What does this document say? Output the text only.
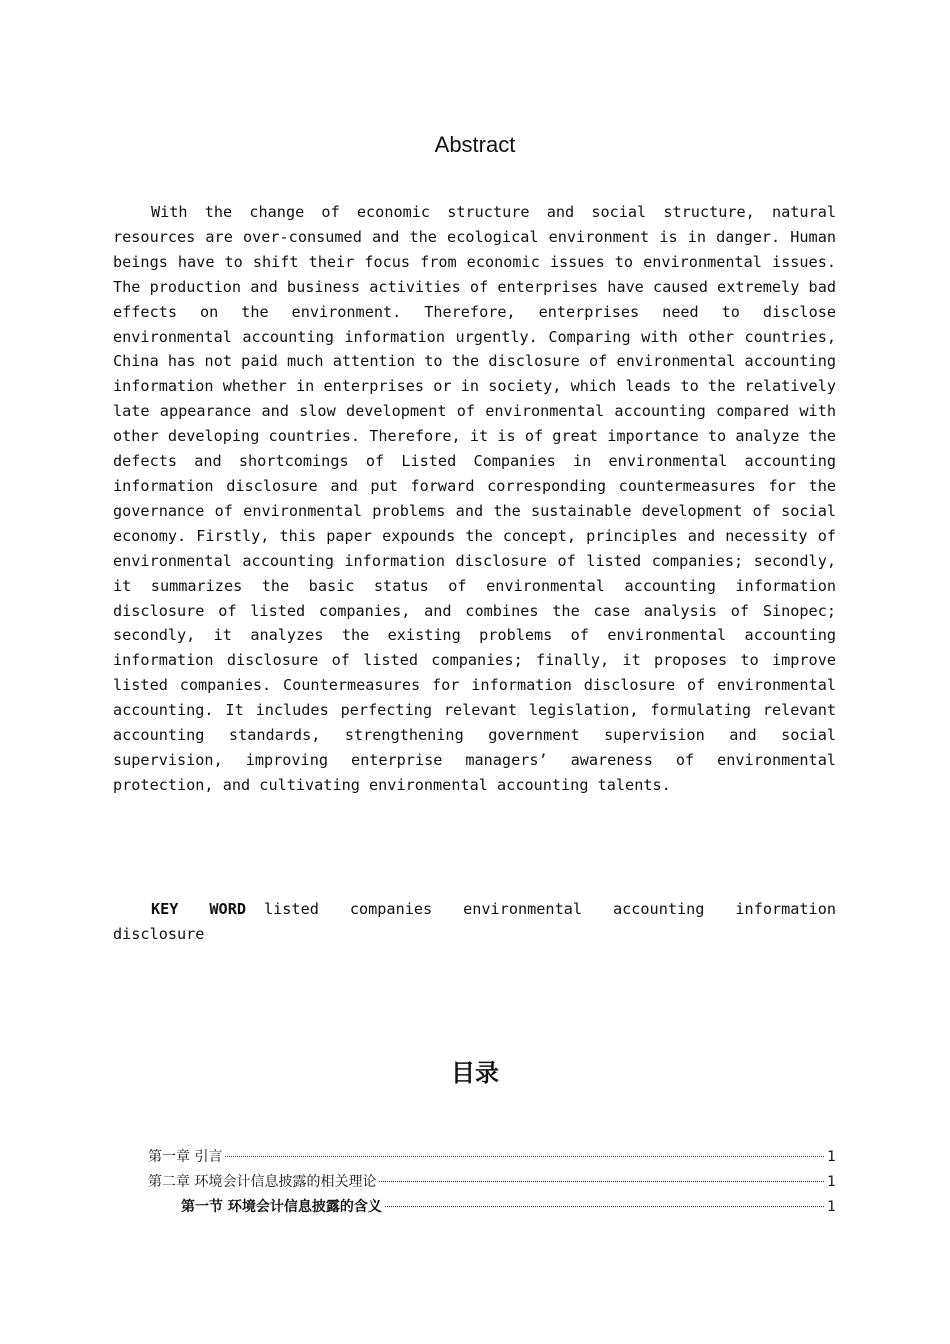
Abstract

With the change of economic structure and social structure, natural resources are over-consumed and the ecological environment is in danger. Human beings have to shift their focus from economic issues to environmental issues. The production and business activities of enterprises have caused extremely bad effects on the environment. Therefore, enterprises need to disclose environmental accounting information urgently. Comparing with other countries, China has not paid much attention to the disclosure of environmental accounting information whether in enterprises or in society, which leads to the relatively late appearance and slow development of environmental accounting compared with other developing countries. Therefore, it is of great importance to analyze the defects and shortcomings of Listed Companies in environmental accounting information disclosure and put forward corresponding countermeasures for the governance of environmental problems and the sustainable development of social economy. Firstly, this paper expounds the concept, principles and necessity of environmental accounting information disclosure of listed companies; secondly, it summarizes the basic status of environmental accounting information disclosure of listed companies, and combines the case analysis of Sinopec; secondly, it analyzes the existing problems of environmental accounting information disclosure of listed companies; finally, it proposes to improve listed companies. Countermeasures for information disclosure of environmental accounting. It includes perfecting relevant legislation, formulating relevant accounting standards, strengthening government supervision and social supervision, improving enterprise managers’ awareness of environmental protection, and cultivating environmental accounting talents.

KEY WORD listed companies environmental accounting information disclosure

目录
第一章 引言	1
第二章 环境会计信息披露的相关理论	1
第一节 环境会计信息披露的含义	1
